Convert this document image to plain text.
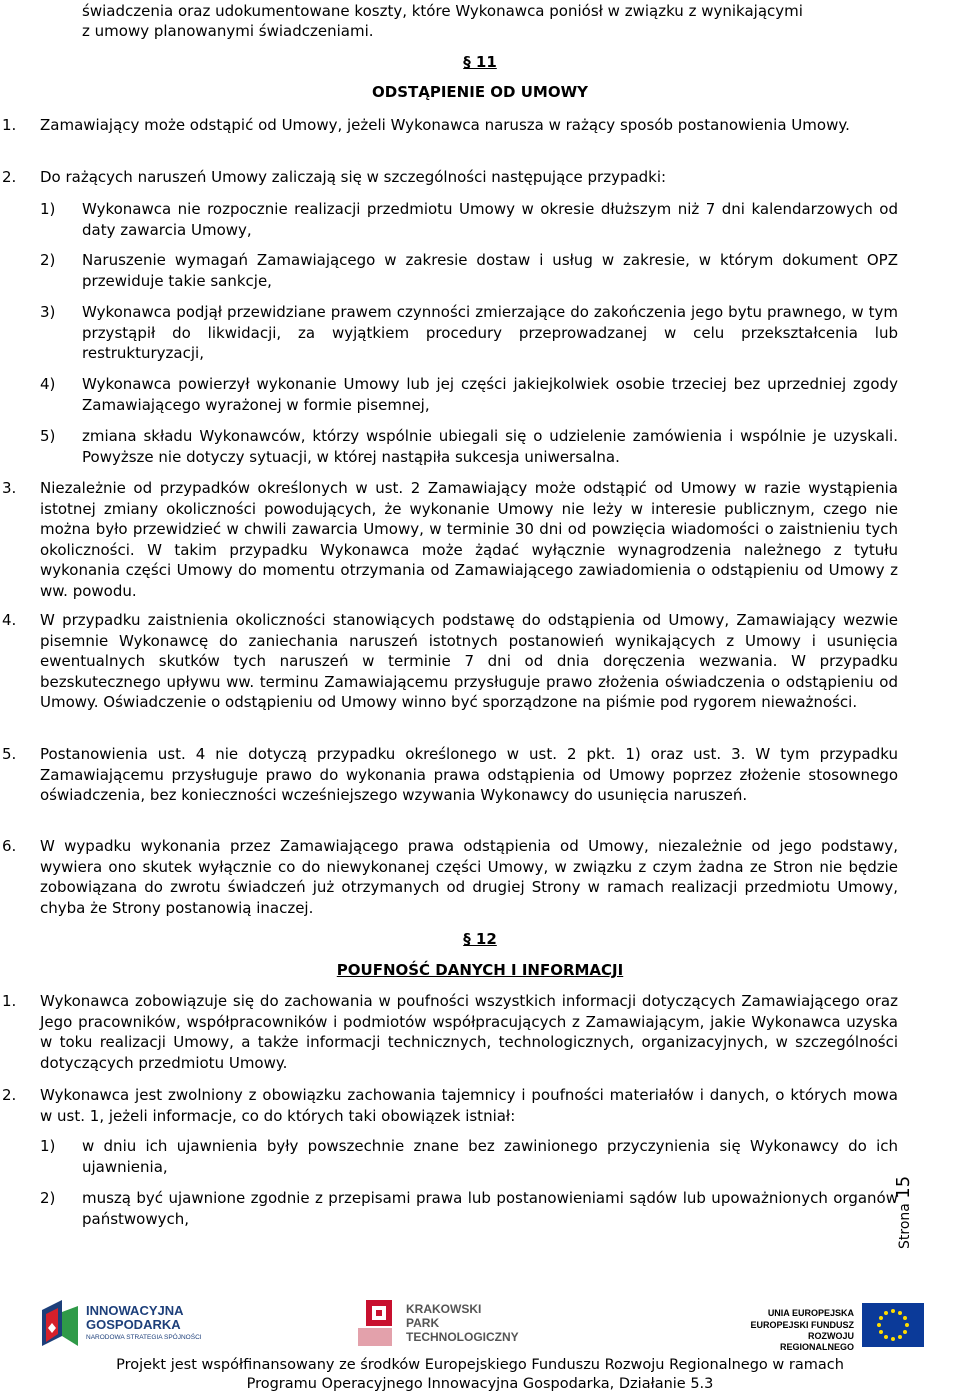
świadczenia oraz udokumentowane koszty, które Wykonawca poniósł w związku z wynikającymi
z umowy planowanymi świadczeniami.
§ 11
ODSTĄPIENIE OD UMOWY
1. Zamawiający może odstąpić od Umowy, jeżeli Wykonawca narusza w rażący sposób postanowienia Umowy.
2. Do rażących naruszeń Umowy zaliczają się w szczególności następujące przypadki:
1) Wykonawca nie rozpocznie realizacji przedmiotu Umowy w okresie dłuższym niż 7 dni kalendarzowych od daty zawarcia Umowy,
2) Naruszenie wymagań Zamawiającego w zakresie dostaw i usług w zakresie, w którym dokument OPZ przewiduje takie sankcje,
3) Wykonawca podjął przewidziane prawem czynności zmierzające do zakończenia jego bytu prawnego, w tym przystąpił do likwidacji, za wyjątkiem procedury przeprowadzanej w celu przekształcenia lub restrukturyzacji,
4) Wykonawca powierzył wykonanie Umowy lub jej części jakiejkolwiek osobie trzeciej bez uprzedniej zgody Zamawiającego wyrażonej w formie pisemnej,
5) zmiana składu Wykonawców, którzy wspólnie ubiegali się o udzielenie zamówienia i wspólnie je uzyskali. Powyższe nie dotyczy sytuacji, w której nastąpiła sukcesja uniwersalna.
3. Niezależnie od przypadków określonych w ust. 2 Zamawiający może odstąpić od Umowy w razie wystąpienia istotnej zmiany okoliczności powodujących, że wykonanie Umowy nie leży w interesie publicznym, czego nie można było przewidzieć w chwili zawarcia Umowy, w terminie 30 dni od powzięcia wiadomości o zaistnieniu tych okoliczności. W takim przypadku Wykonawca może żądać wyłącznie wynagrodzenia należnego z tytułu wykonania części Umowy do momentu otrzymania od Zamawiającego zawiadomienia o odstąpieniu od Umowy z ww. powodu.
4. W przypadku zaistnienia okoliczności stanowiących podstawę do odstąpienia od Umowy, Zamawiający wezwie pisemnie Wykonawcę do zaniechania naruszeń istotnych postanowień wynikających z Umowy i usunięcia ewentualnych skutków tych naruszeń w terminie 7 dni od dnia doręczenia wezwania. W przypadku bezskutecznego upływu ww. terminu Zamawiającemu przysługuje prawo złożenia oświadczenia o odstąpieniu od Umowy. Oświadczenie o odstąpieniu od Umowy winno być sporządzone na piśmie pod rygorem nieważności.
5. Postanowienia ust. 4 nie dotyczą przypadku określonego w ust. 2 pkt. 1) oraz ust. 3. W tym przypadku Zamawiającemu przysługuje prawo do wykonania prawa odstąpienia od Umowy poprzez złożenie stosownego oświadczenia, bez konieczności wcześniejszego wzywania Wykonawcy do usunięcia naruszeń.
6. W wypadku wykonania przez Zamawiającego prawa odstąpienia od Umowy, niezależnie od jego podstawy, wywiera ono skutek wyłącznie co do niewykonanej części Umowy, w związku z czym żadna ze Stron nie będzie zobowiązana do zwrotu świadczeń już otrzymanych od drugiej Strony w ramach realizacji przedmiotu Umowy, chyba że Strony postanowią inaczej.
§ 12
POUFNOŚĆ DANYCH I INFORMACJI
1. Wykonawca zobowiązuje się do zachowania w poufności wszystkich informacji dotyczących Zamawiającego oraz Jego pracowników, współpracowników i podmiotów współpracujących z Zamawiającym, jakie Wykonawca uzyska w toku realizacji Umowy, a także informacji technicznych, technologicznych, organizacyjnych, w szczególności dotyczących przedmiotu Umowy.
2. Wykonawca jest zwolniony z obowiązku zachowania tajemnicy i poufności materiałów i danych, o których mowa w ust. 1, jeżeli informacje, co do których taki obowiązek istniał:
1) w dniu ich ujawnienia były powszechnie znane bez zawinionego przyczynienia się Wykonawcy do ich ujawnienia,
2) muszą być ujawnione zgodnie z przepisami prawa lub postanowieniami sądów lub upoważnionych organów państwowych,	Strona 15
INNOWACYJNA
GOSPODARKA
NARODOWA STRATEGIA SPÓJNOŚCI
KRAKOWSKI
PARK
TECHNOLOGICZNY
UNIA EUROPEJSKA
EUROPEJSKI FUNDUSZ
ROZWOJU REGIONALNEGO
Projekt jest współfinansowany ze środków Europejskiego Funduszu Rozwoju Regionalnego w ramach
Programu Operacyjnego Innowacyjna Gospodarka, Działanie 5.3
